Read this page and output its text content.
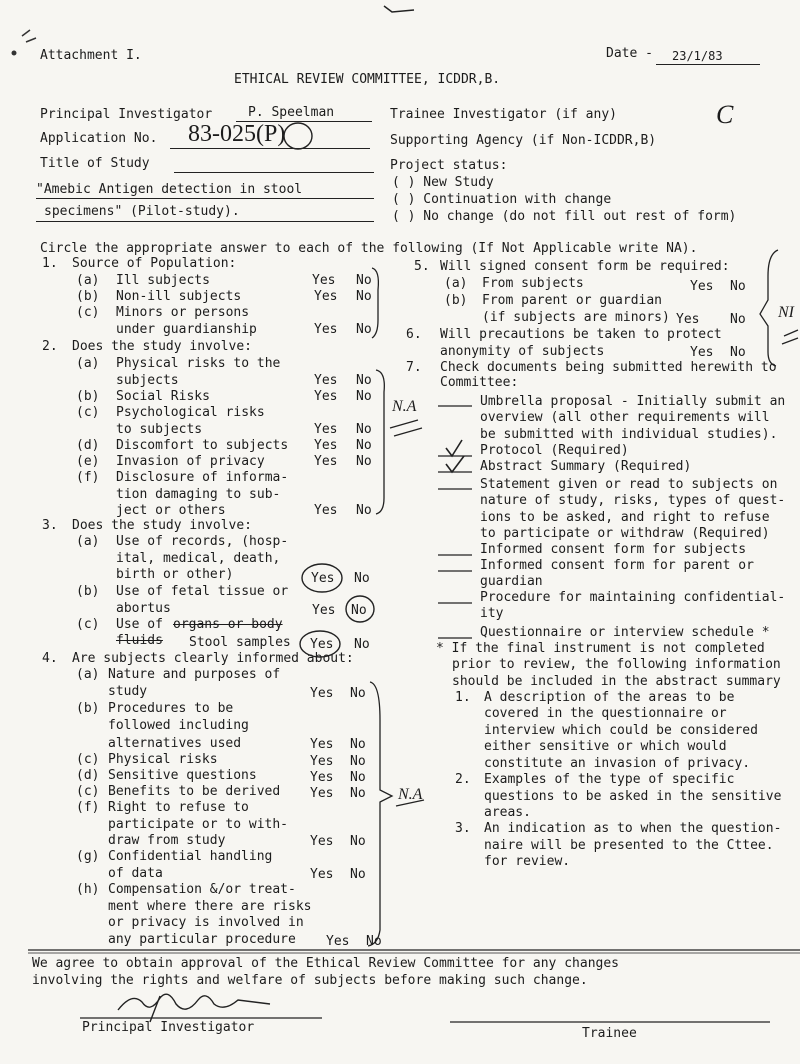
Attachment I.	Date - 23/1/83
ETHICAL REVIEW COMMITTEE, ICDDR,B.
Principal Investigator	P. Speelman	Trainee Investigator (if any)	C
Application No. 83-025(P)	Supporting Agency (if Non-ICDDR,B)
Title of Study	Project status:
"Amebic Antigen detection in stool
specimens" (Pilot-study).
( ) New Study
( ) Continuation with change
( ) No change (do not fill out rest of form)
Circle the appropriate answer to each of the following (If Not Applicable write NA).
1. Source of Population:
(a) Ill subjects	Yes No
(b) Non-ill subjects	Yes No
(c) Minors or persons
under guardianship	Yes No
2. Does the study involve:
(a) Physical risks to the
subjects	Yes No
(b) Social Risks	Yes No
(c) Psychological risks
to subjects	Yes No
(d) Discomfort to subjects Yes No
(e) Invasion of privacy	Yes No
(f) Disclosure of informa-
tion damaging to sub-
ject or others	Yes No
3. Does the study involve:
(a) Use of records, (hosp-
ital, medical, death,
birth or other)	Yes No
(b) Use of fetal tissue or
abortus	Yes No
(c) Use of
Stool samples Yes No
4. Are subjects clearly informed about:
(a) Nature and purposes of
study	Yes No
(b) Procedures to be
followed including
alternatives used	Yes No
(c) Physical risks	Yes No
(d) Sensitive questions	Yes No
(c) Benefits to be derived Yes No
(f) Right to refuse to
participate or to with-
draw from study	Yes No
(g) Confidential handling
of data	Yes No
(h) Compensation &/or treat-
ment where there are risks
or privacy is involved in
any particular procedure Yes No
5. Will signed consent form be required:
(a) From subjects	Yes No
(b) From parent or guardian
(if subjects are minors) Yes No
6. Will precautions be taken to protect
anonymity of subjects	Yes No
7. Check documents being submitted herewith to
Committee:
Umbrella proposal - Initially submit an
overview (all other requirements will
be submitted with individual studies).
Protocol (Required)
Abstract Summary (Required)
Statement given or read to subjects on
nature of study, risks, types of quest-
ions to be asked, and right to refuse
to participate or withdraw (Required)
Informed consent form for subjects
Informed consent form for parent or
guardian
Procedure for maintaining confidential-
ity
Questionnaire or interview schedule *
* If the final instrument is not completed
prior to review, the following information
should be included in the abstract summary
1. A description of the areas to be
covered in the questionnaire or
interview which could be considered
either sensitive or which would
constitute an invasion of privacy.
2. Examples of the type of specific
questions to be asked in the sensitive
areas.
3. An indication as to when the question-
naire will be presented to the Cttee.
for review.
organs or body
fluids
N.A
N.A
NI
We agree to obtain approval of the Ethical Review Committee for any changes
involving the rights and welfare of subjects before making such change.
Principal Investigator	Trainee
